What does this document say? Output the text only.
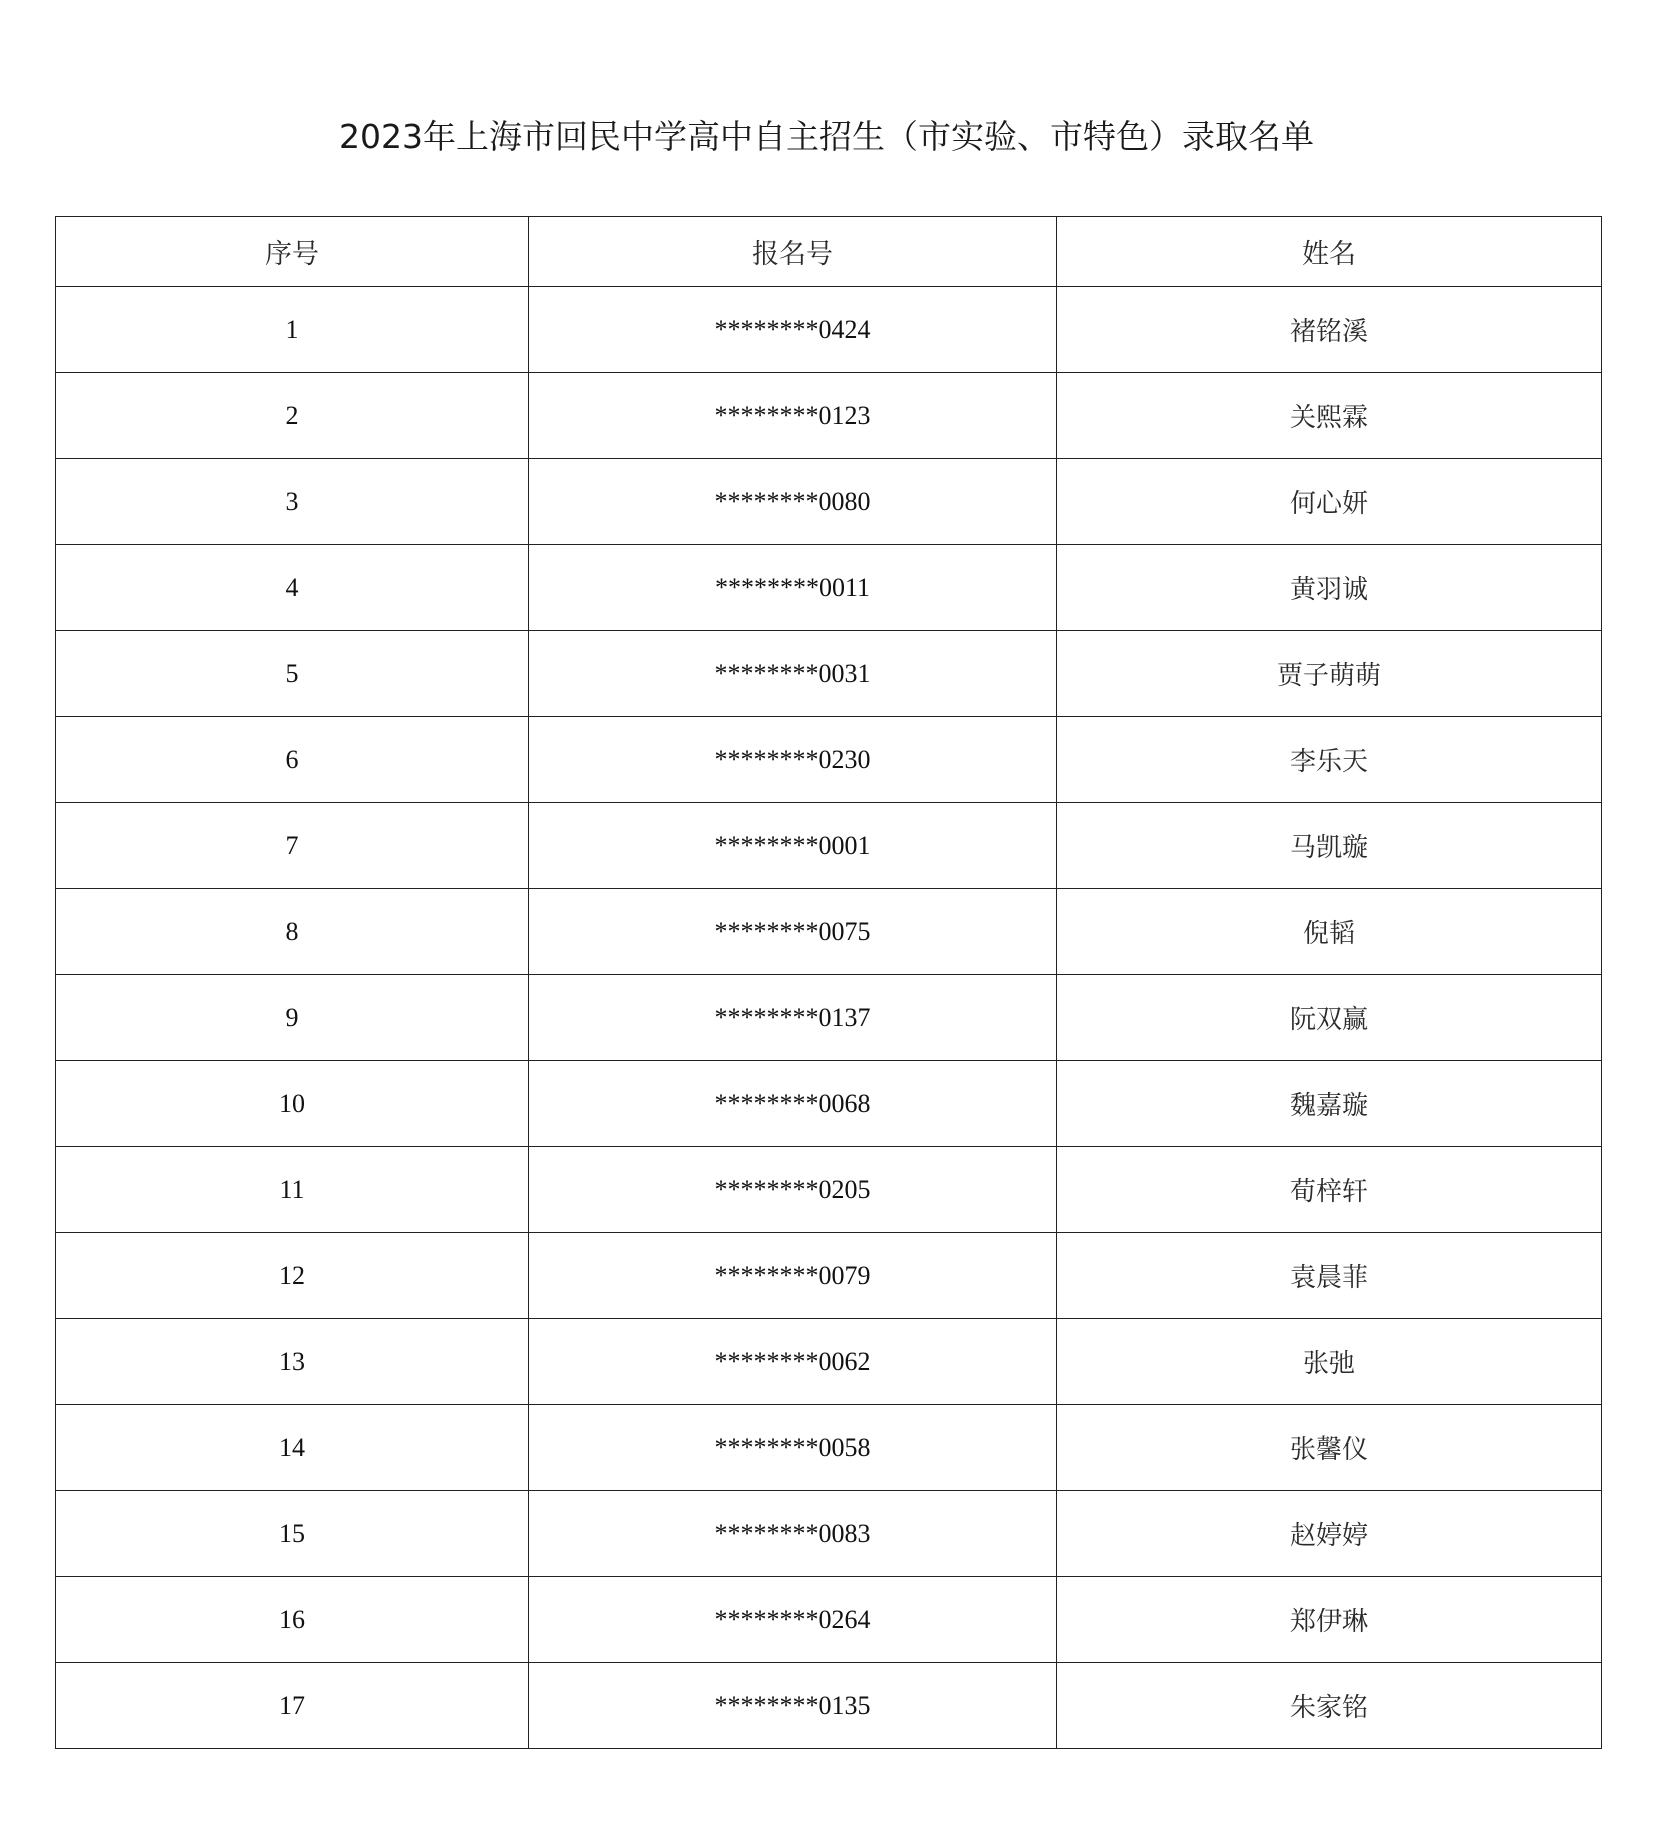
2023年上海市回民中学高中自主招生（市实验、市特色）录取名单
序号	报名号	姓名
1	********0424	褚铭溪
2	********0123	关熙霖
3	********0080	何心妍
4	********0011	黄羽诚
5	********0031	贾子萌萌
6	********0230	李乐天
7	********0001	马凯璇
8	********0075	倪韬
9	********0137	阮双赢
10	********0068	魏嘉璇
11	********0205	荀梓轩
12	********0079	袁晨菲
13	********0062	张弛
14	********0058	张馨仪
15	********0083	赵婷婷
16	********0264	郑伊琳
17	********0135	朱家铭
